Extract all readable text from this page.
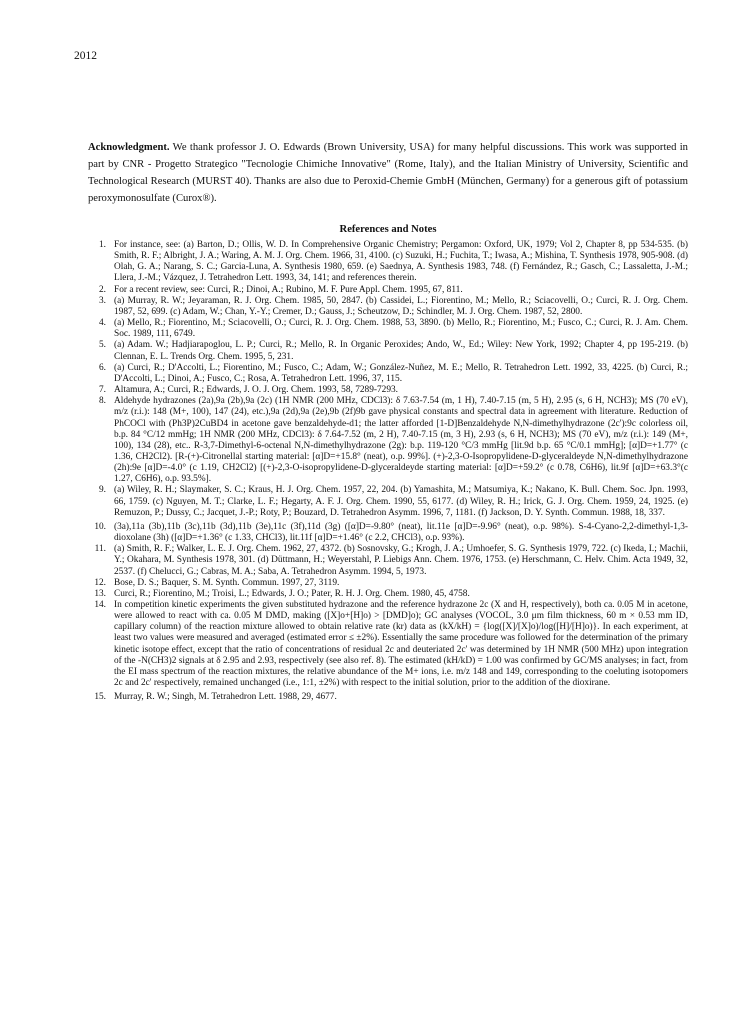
2012
Acknowledgment. We thank professor J. O. Edwards (Brown University, USA) for many helpful discussions. This work was supported in part by CNR - Progetto Strategico "Tecnologie Chimiche Innovative" (Rome, Italy), and the Italian Ministry of University, Scientific and Technological Research (MURST 40). Thanks are also due to Peroxid-Chemie GmbH (München, Germany) for a generous gift of potassium peroxymonosulfate (Curox®).
References and Notes
1. For instance, see: (a) Barton, D.; Ollis, W. D. In Comprehensive Organic Chemistry; Pergamon: Oxford, UK, 1979; Vol 2, Chapter 8, pp 534-535. (b) Smith, R. F.; Albright, J. A.; Waring, A. M. J. Org. Chem. 1966, 31, 4100. (c) Suzuki, H.; Fuchita, T.; Iwasa, A.; Mishina, T. Synthesis 1978, 905-908. (d) Olah, G. A.; Narang, S. C.; Garcia-Luna, A. Synthesis 1980, 659. (e) Saednya, A. Synthesis 1983, 748. (f) Fernández, R.; Gasch, C.; Lassaletta, J.-M.; Llera, J.-M.; Vázquez, J. Tetrahedron Lett. 1993, 34, 141; and references therein.
2. For a recent review, see: Curci, R.; Dinoi, A.; Rubino, M. F. Pure Appl. Chem. 1995, 67, 811.
3. (a) Murray, R. W.; Jeyaraman, R. J. Org. Chem. 1985, 50, 2847. (b) Cassidei, L.; Fiorentino, M.; Mello, R.; Sciacovelli, O.; Curci, R. J. Org. Chem. 1987, 52, 699. (c) Adam, W.; Chan, Y.-Y.; Cremer, D.; Gauss, J.; Scheutzow, D.; Schindler, M. J. Org. Chem. 1987, 52, 2800.
4. (a) Mello, R.; Fiorentino, M.; Sciacovelli, O.; Curci, R. J. Org. Chem. 1988, 53, 3890. (b) Mello, R.; Fiorentino, M.; Fusco, C.; Curci, R. J. Am. Chem. Soc. 1989, 111, 6749.
5. (a) Adam. W.; Hadjiarapoglou, L. P.; Curci, R.; Mello, R. In Organic Peroxides; Ando, W., Ed.; Wiley: New York, 1992; Chapter 4, pp 195-219. (b) Clennan, E. L. Trends Org. Chem. 1995, 5, 231.
6. (a) Curci, R.; D'Accolti, L.; Fiorentino, M.; Fusco, C.; Adam, W.; González-Nuñez, M. E.; Mello, R. Tetrahedron Lett. 1992, 33, 4225. (b) Curci, R.; D'Accolti, L.; Dinoi, A.; Fusco, C.; Rosa, A. Tetrahedron Lett. 1996, 37, 115.
7. Altamura, A.; Curci, R.; Edwards, J. O. J. Org. Chem. 1993, 58, 7289-7293.
8. Aldehyde hydrazones (2a),9a (2b),9a (2c) (1H NMR (200 MHz, CDCl3): δ 7.63-7.54 (m, 1 H), 7.40-7.15 (m, 5 H), 2.95 (s, 6 H, NCH3); MS (70 eV), m/z (r.i.): 148 (M+, 100), 147 (24), etc.),9a (2d),9a (2e),9b (2f)9b gave physical constants and spectral data in agreement with literature. Reduction of PhCOCl with (Ph3P)2CuBD4 in acetone gave benzaldehyde-d1; the latter afforded [1-D]Benzaldehyde N,N-dimethylhydrazone (2c'):9c colorless oil, b.p. 84 °C/12 mmHg; 1H NMR (200 MHz, CDCl3): δ 7.64-7.52 (m, 2 H), 7.40-7.15 (m, 3 H), 2.93 (s, 6 H, NCH3); MS (70 eV), m/z (r.i.): 149 (M+, 100), 134 (28), etc.. R-3,7-Dimethyl-6-octenal N,N-dimethylhydrazone (2g): b.p. 119-120 °C/3 mmHg [lit.9d b.p. 65 °C/0.1 mmHg]; [α]D=+1.77° (c 1.36, CH2Cl2). [R-(+)-Citronellal starting material: [α]D=+15.8° (neat), o.p. 99%]. (+)-2,3-O-Isopropylidene-D-glyceraldeyde N,N-dimethylhydrazone (2h):9e [α]D=-4.0° (c 1.19, CH2Cl2) [(+)-2,3-O-isopropylidene-D-glyceraldeyde starting material: [α]D=+59.2° (c 0.78, C6H6), lit.9f [α]D=+63.3°(c 1.27, C6H6), o.p. 93.5%].
9. (a) Wiley, R. H.; Slaymaker, S. C.; Kraus, H. J. Org. Chem. 1957, 22, 204. (b) Yamashita, M.; Matsumiya, K.; Nakano, K. Bull. Chem. Soc. Jpn. 1993, 66, 1759. (c) Nguyen, M. T.; Clarke, L. F.; Hegarty, A. F. J. Org. Chem. 1990, 55, 6177. (d) Wiley, R. H.; Irick, G. J. Org. Chem. 1959, 24, 1925. (e) Remuzon, P.; Dussy, C.; Jacquet, J.-P.; Roty, P.; Bouzard, D. Tetrahedron Asymm. 1996, 7, 1181. (f) Jackson, D. Y. Synth. Commun. 1988, 18, 337.
10. (3a),11a (3b),11b (3c),11b (3d),11b (3e),11c (3f),11d (3g) ([α]D=-9.80° (neat), lit.11e [α]D=-9.96° (neat), o.p. 98%). S-4-Cyano-2,2-dimethyl-1,3-dioxolane (3h) ([α]D=+1.36° (c 1.33, CHCl3), lit.11f [α]D=+1.46° (c 2.2, CHCl3), o.p. 93%).
11. (a) Smith, R. F.; Walker, L. E. J. Org. Chem. 1962, 27, 4372. (b) Sosnovsky, G.; Krogh, J. A.; Umhoefer, S. G. Synthesis 1979, 722. (c) Ikeda, I.; Machii, Y.; Okahara, M. Synthesis 1978, 301. (d) Düttmann, H.; Weyerstahl, P. Liebigs Ann. Chem. 1976, 1753. (e) Herschmann, C. Helv. Chim. Acta 1949, 32, 2537. (f) Chelucci, G.; Cabras, M. A.; Saba, A. Tetrahedron Asymm. 1994, 5, 1973.
12. Bose, D. S.; Baquer, S. M. Synth. Commun. 1997, 27, 3119.
13. Curci, R.; Fiorentino, M.; Troisi, L.; Edwards, J. O.; Pater, R. H. J. Org. Chem. 1980, 45, 4758.
14. In competition kinetic experiments the given substituted hydrazone and the reference hydrazone 2c (X and H, respectively), both ca. 0.05 M in acetone, were allowed to react with ca. 0.05 M DMD, making ([X]o+[H]o) > [DMD]o); GC analyses (VOCOL, 3.0 μm film thickness, 60 m × 0.53 mm ID, capillary column) of the reaction mixture allowed to obtain relative rate (kr) data as (kX/kH) = {log([X]/[X]o)/log([H]/[H]o)}. In each experiment, at least two values were measured and averaged (estimated error ≤ ±2%). Essentially the same procedure was followed for the determination of the primary kinetic isotope effect, except that the ratio of concentrations of residual 2c and deuteriated 2c' was determined by 1H NMR (500 MHz) upon integration of the -N(CH3)2 signals at δ 2.95 and 2.93, respectively (see also ref. 8). The estimated (kH/kD) = 1.00 was confirmed by GC/MS analyses; in fact, from the EI mass spectrum of the reaction mixtures, the relative abundance of the M+ ions, i.e. m/z 148 and 149, corresponding to the coeluting isotopomers 2c and 2c' respectively, remained unchanged (i.e., 1:1, ±2%) with respect to the initial solution, prior to the addition of the dioxirane.
15. Murray, R. W.; Singh, M. Tetrahedron Lett. 1988, 29, 4677.
